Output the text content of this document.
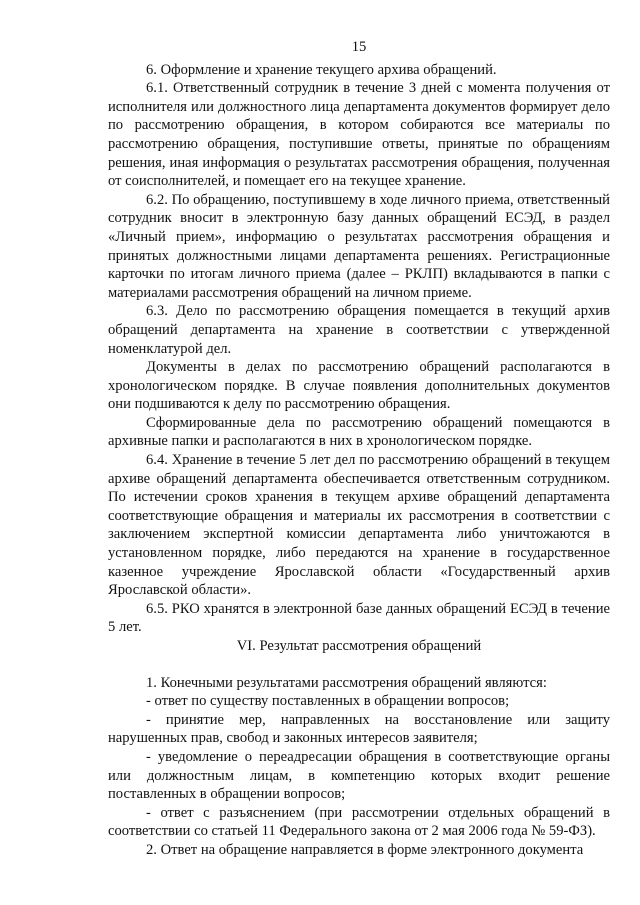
15

6. Оформление и хранение текущего архива обращений.

6.1. Ответственный сотрудник в течение 3 дней с момента получения от исполнителя или должностного лица департамента документов формирует дело по рассмотрению обращения, в котором собираются все материалы по рассмотрению обращения, поступившие ответы, принятые по обращениям решения, иная информация о результатах рассмотрения обращения, полученная от соисполнителей, и помещает его на текущее хранение.

6.2. По обращению, поступившему в ходе личного приема, ответственный сотрудник вносит в электронную базу данных обращений ЕСЭД, в раздел «Личный прием», информацию о результатах рассмотрения обращения и принятых должностными лицами департамента решениях. Регистрационные карточки по итогам личного приема (далее – РКЛП) вкладываются в папки с материалами рассмотрения обращений на личном приеме.

6.3. Дело по рассмотрению обращения помещается в текущий архив обращений департамента на хранение в соответствии с утвержденной номенклатурой дел.

Документы в делах по рассмотрению обращений располагаются в хронологическом порядке. В случае появления дополнительных документов они подшиваются к делу по рассмотрению обращения.

Сформированные дела по рассмотрению обращений помещаются в архивные папки и располагаются в них в хронологическом порядке.

6.4. Хранение в течение 5 лет дел по рассмотрению обращений в текущем архиве обращений департамента обеспечивается ответственным сотрудником. По истечении сроков хранения в текущем архиве обращений департамента соответствующие обращения и материалы их рассмотрения в соответствии с заключением экспертной комиссии департамента либо уничтожаются в установленном порядке, либо передаются на хранение в государственное казенное учреждение Ярославской области «Государственный архив Ярославской области».

6.5. РКО хранятся в электронной базе данных обращений ЕСЭД в течение 5 лет.

VI. Результат рассмотрения обращений

1. Конечными результатами рассмотрения обращений являются:

- ответ по существу поставленных в обращении вопросов;

- принятие мер, направленных на восстановление или защиту нарушенных прав, свобод и законных интересов заявителя;

- уведомление о переадресации обращения в соответствующие органы или должностным лицам, в компетенцию которых входит решение поставленных в обращении вопросов;

- ответ с разъяснением (при рассмотрении отдельных обращений в соответствии со статьей 11 Федерального закона от 2 мая 2006 года № 59-ФЗ).

2. Ответ на обращение направляется в форме электронного документа
